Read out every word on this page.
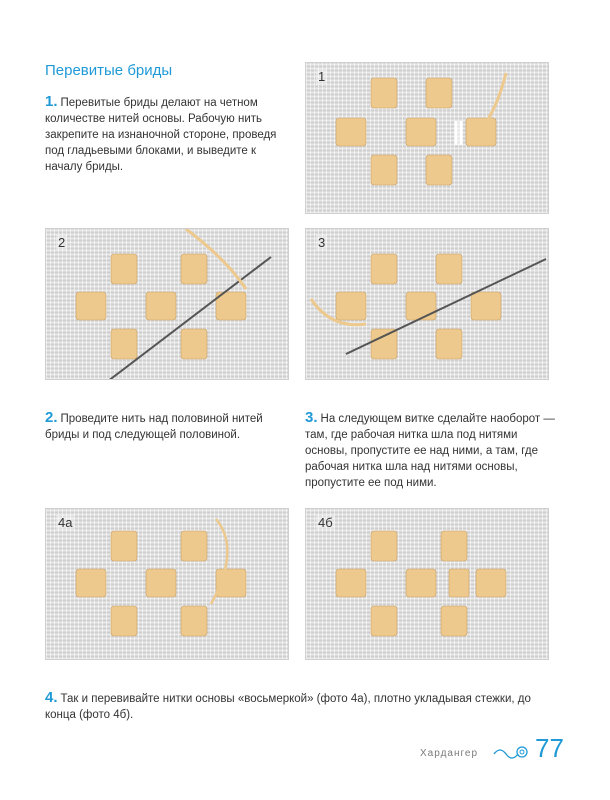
Перевитые бриды
1. Перевитые бриды делают на четном количестве нитей основы. Рабочую нить закрепите на изнаночной стороне, проведя под гладьевыми блоками, и выведите к началу бриды.
1
2	3
2. Проведите нить над половиной нитей бриды и под следующей половиной.
3. На следующем витке сделайте наоборот — там, где рабочая нитка шла под нитями основы, пропустите ее над ними, а там, где рабочая нитка шла над нитями основы, пропустите ее под ними.
4а	4б
4. Так и перевивайте нитки основы «восьмеркой» (фото 4а), плотно укладывая стежки, до конца (фото 4б).
Хардангер 77
